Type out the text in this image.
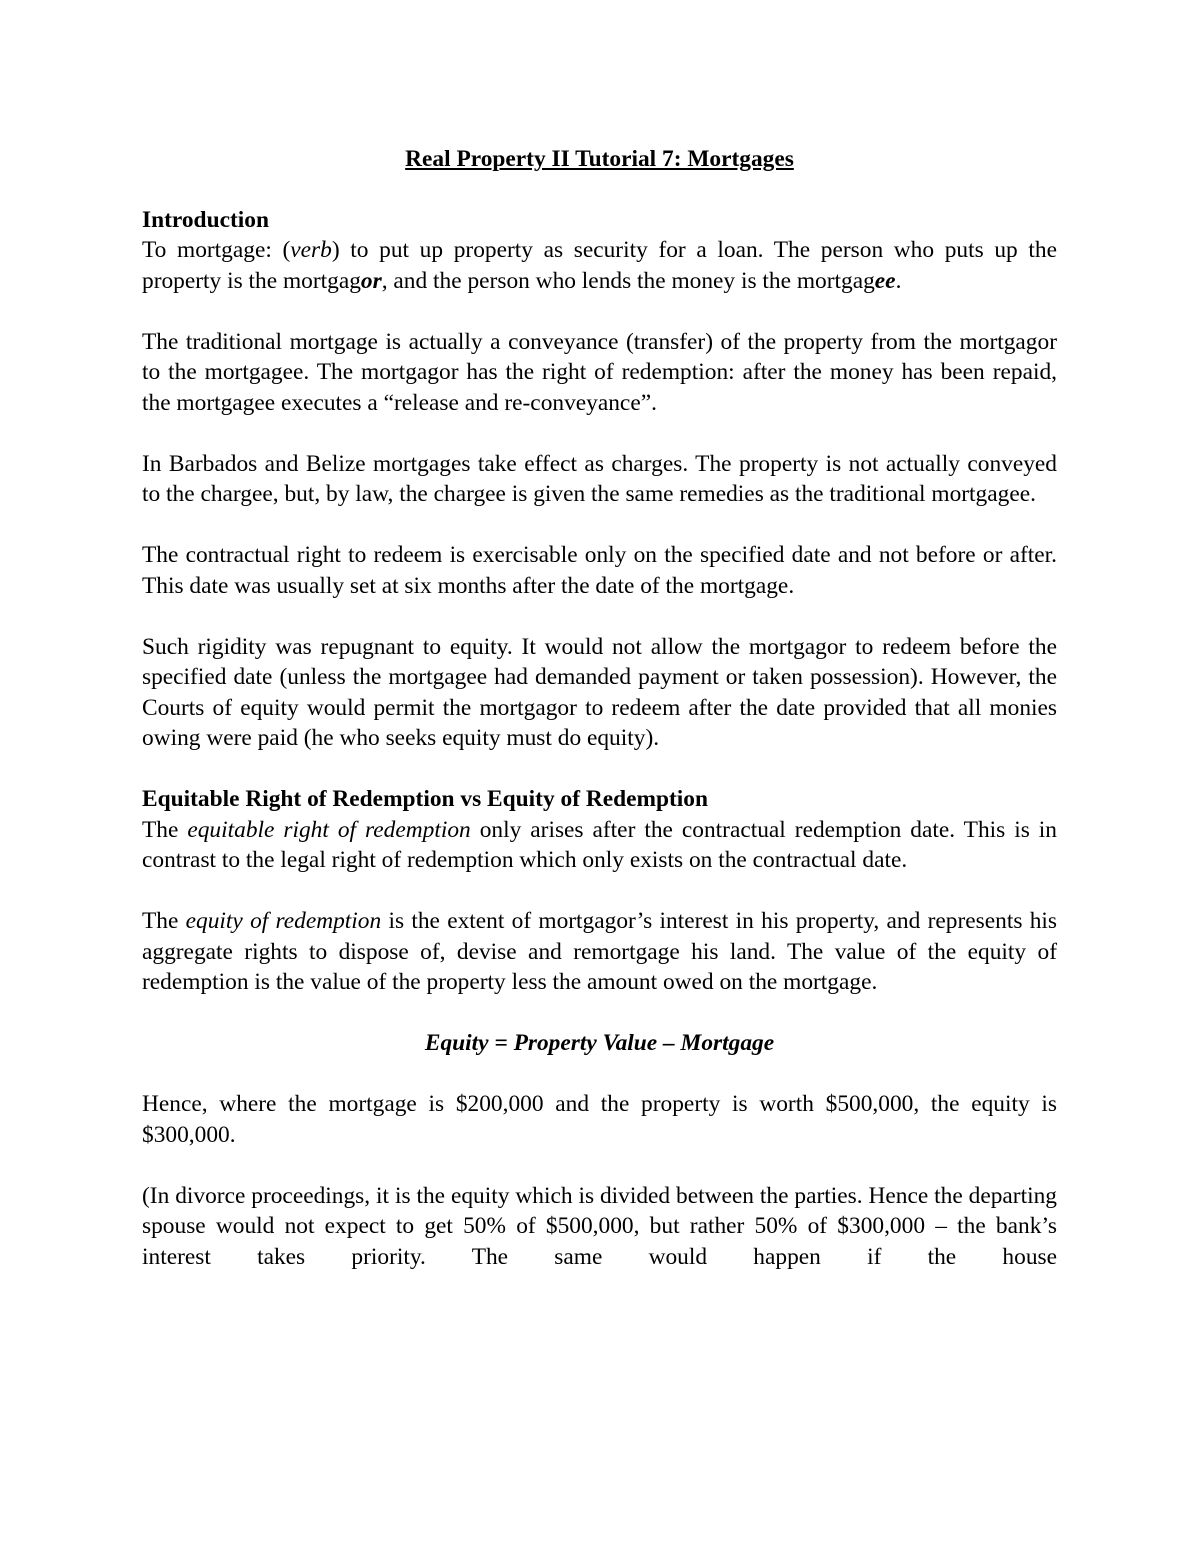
Real Property II Tutorial 7: Mortgages
Introduction

To mortgage: (verb) to put up property as security for a loan. The person who puts up the property is the mortgagor, and the person who lends the money is the mortgagee.

The traditional mortgage is actually a conveyance (transfer) of the property from the mortgagor to the mortgagee. The mortgagor has the right of redemption: after the money has been repaid, the mortgagee executes a “release and re-conveyance”.

In Barbados and Belize mortgages take effect as charges. The property is not actually conveyed to the chargee, but, by law, the chargee is given the same remedies as the traditional mortgagee.

The contractual right to redeem is exercisable only on the specified date and not before or after. This date was usually set at six months after the date of the mortgage.

Such rigidity was repugnant to equity. It would not allow the mortgagor to redeem before the specified date (unless the mortgagee had demanded payment or taken possession). However, the Courts of equity would permit the mortgagor to redeem after the date provided that all monies owing were paid (he who seeks equity must do equity).

Equitable Right of Redemption vs Equity of Redemption

The equitable right of redemption only arises after the contractual redemption date. This is in contrast to the legal right of redemption which only exists on the contractual date.

The equity of redemption is the extent of mortgagor’s interest in his property, and represents his aggregate rights to dispose of, devise and remortgage his land. The value of the equity of redemption is the value of the property less the amount owed on the mortgage.

Equity = Property Value – Mortgage

Hence, where the mortgage is $200,000 and the property is worth $500,000, the equity is $300,000.

(In divorce proceedings, it is the equity which is divided between the parties. Hence the departing spouse would not expect to get 50% of $500,000, but rather 50% of $300,000 – the bank’s interest takes priority. The same would happen if the house
